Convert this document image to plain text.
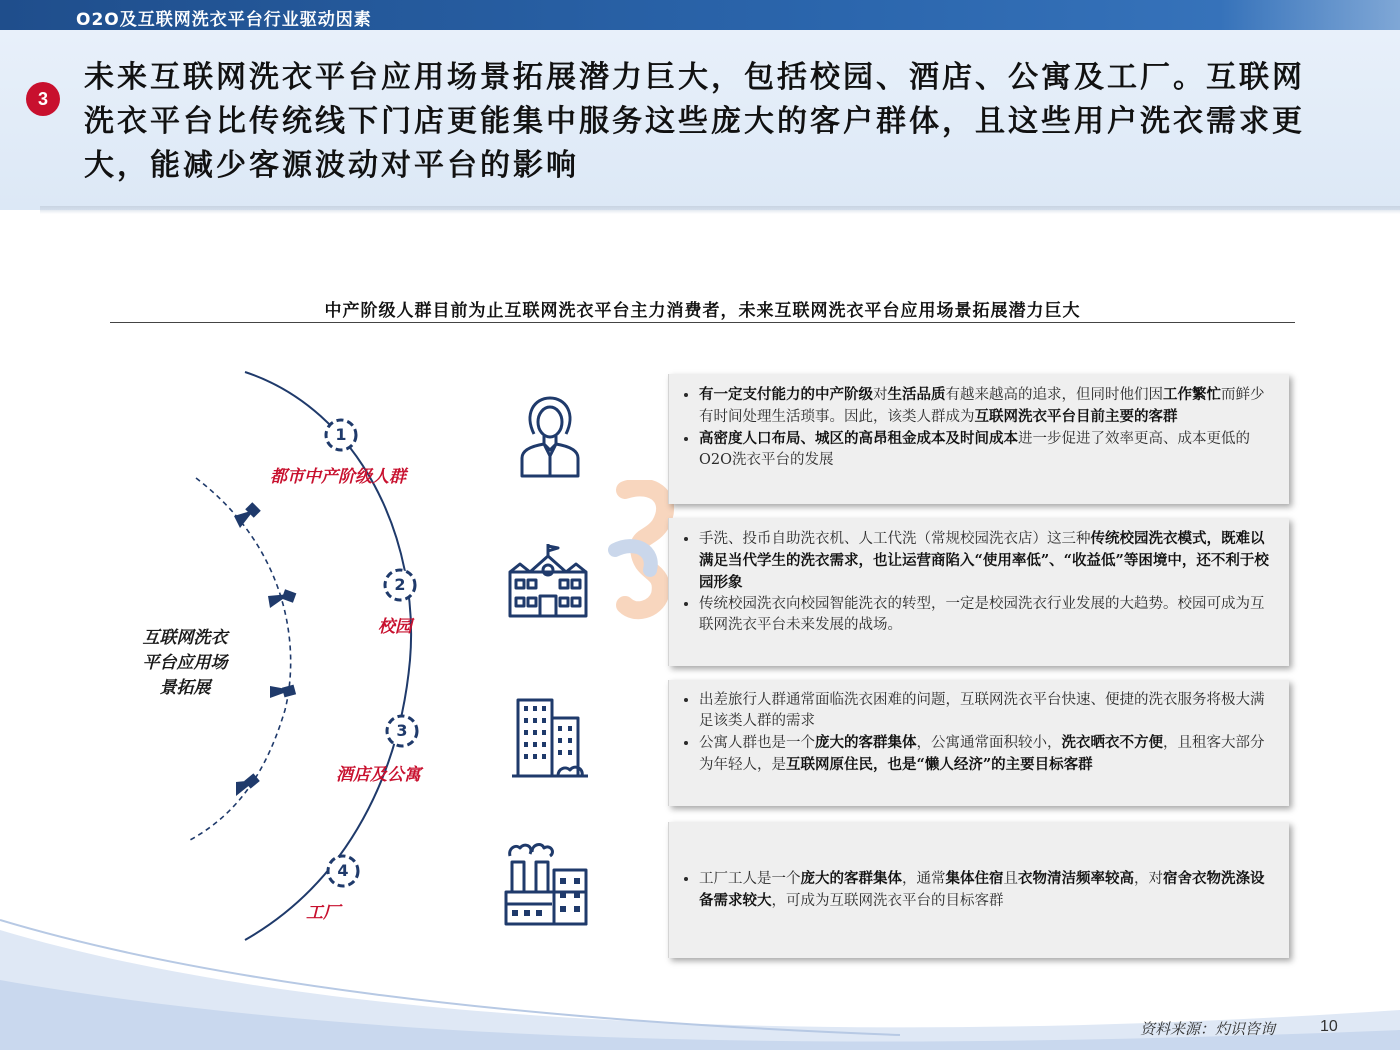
O2O及互联网洗衣平台行业驱动因素
3
未来互联网洗衣平台应用场景拓展潜力巨大，包括校园、酒店、公寓及工厂。互联网洗衣平台比传统线下门店更能集中服务这些庞大的客户群体，且这些用户洗衣需求更大，能减少客源波动对平台的影响
中产阶级人群目前为止互联网洗衣平台主力消费者，未来互联网洗衣平台应用场景拓展潜力巨大
1
2
3
4
都市中产阶级人群
校园
酒店及公寓
工厂
互联网洗衣
平台应用场
景拓展
• 有一定支付能力的中产阶级对生活品质有越来越高的追求，但同时他们因工作繁忙而鲜少有时间处理生活琐事。因此，该类人群成为互联网洗衣平台目前主要的客群
• 高密度人口布局、城区的高昂租金成本及时间成本进一步促进了效率更高、成本更低的O2O洗衣平台的发展
• 手洗、投币自助洗衣机、人工代洗（常规校园洗衣店）这三种传统校园洗衣模式，既难以满足当代学生的洗衣需求，也让运营商陷入“使用率低”、“收益低”等困境中，还不利于校园形象
• 传统校园洗衣向校园智能洗衣的转型，一定是校园洗衣行业发展的大趋势。校园可成为互联网洗衣平台未来发展的战场。
• 出差旅行人群通常面临洗衣困难的问题，互联网洗衣平台快速、便捷的洗衣服务将极大满足该类人群的需求
• 公寓人群也是一个庞大的客群集体，公寓通常面积较小，洗衣晒衣不方便，且租客大部分为年轻人，是互联网原住民，也是“懒人经济”的主要目标客群
• 工厂工人是一个庞大的客群集体，通常集体住宿且衣物清洁频率较高，对宿舍衣物洗涤设备需求较大，可成为互联网洗衣平台的目标客群
资料来源：灼识咨询	10
